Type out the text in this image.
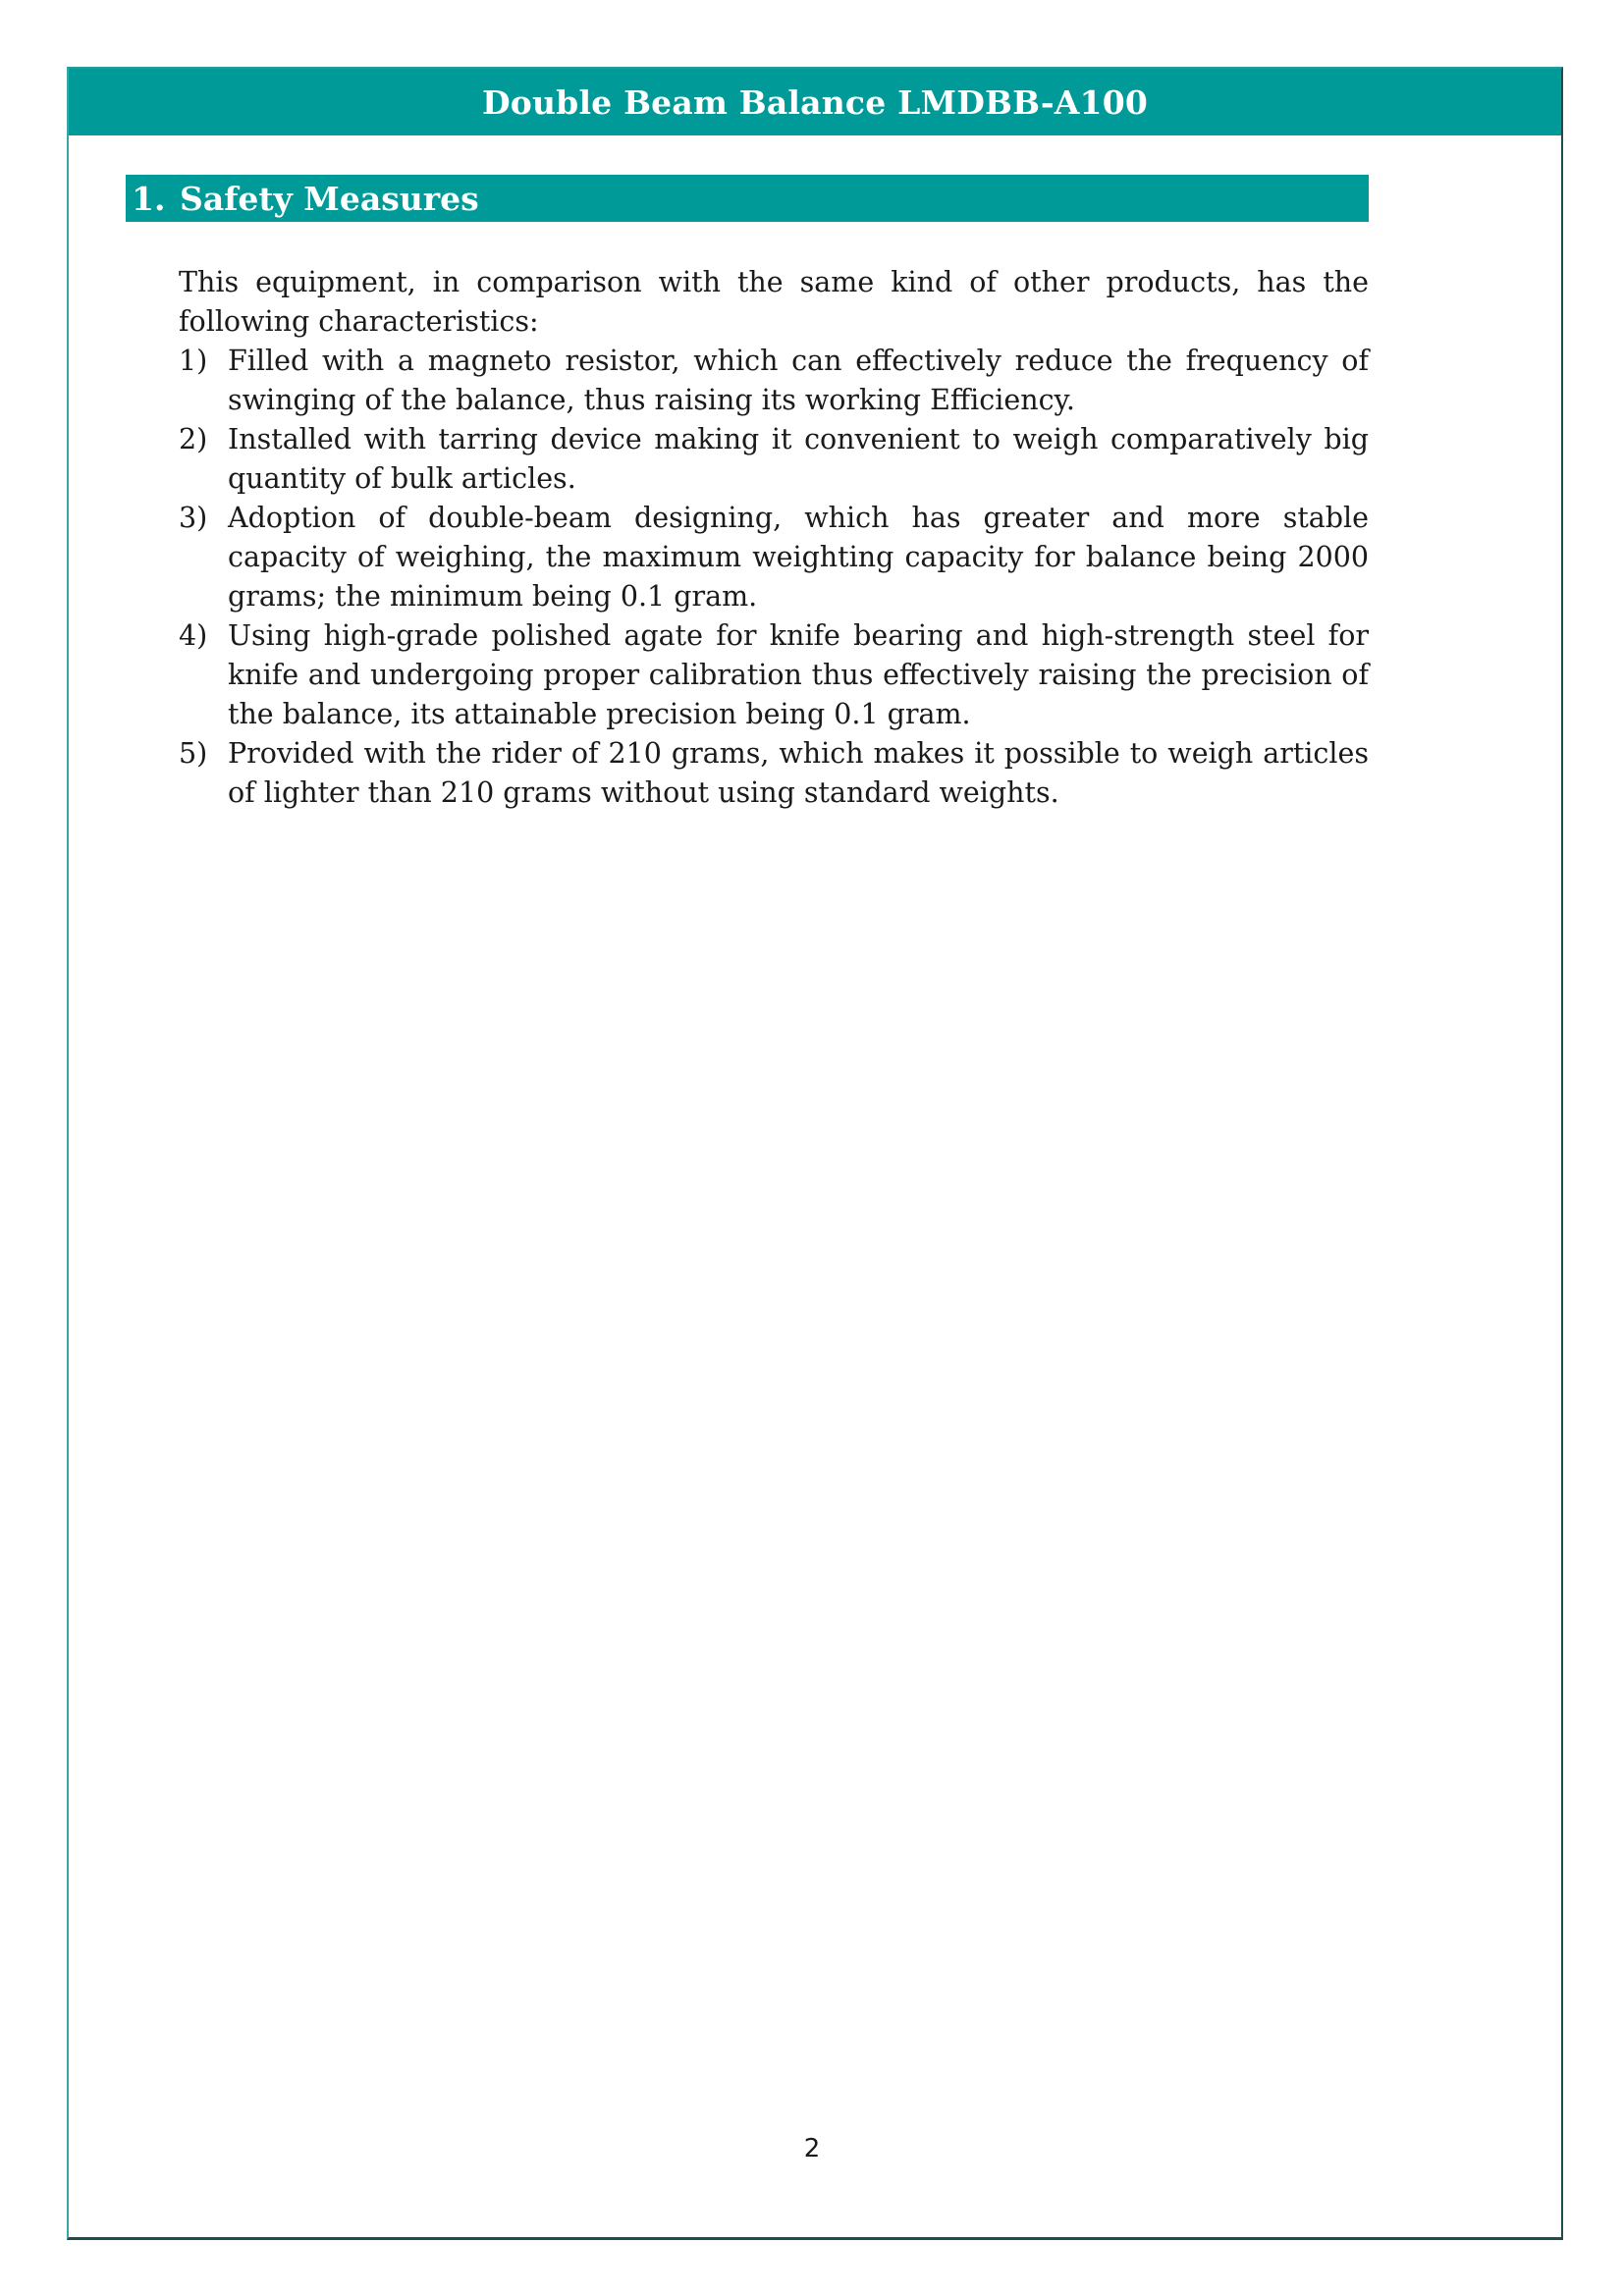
Double Beam Balance LMDBB-A100
1. Safety Measures

This equipment, in comparison with the same kind of other products, has the following characteristics:

1) Filled with a magneto resistor, which can effectively reduce the frequency of swinging of the balance, thus raising its working Efficiency.
2) Installed with tarring device making it convenient to weigh comparatively big quantity of bulk articles.
3) Adoption of double-beam designing, which has greater and more stable capacity of weighing, the maximum weighting capacity for balance being 2000 grams; the minimum being 0.1 gram.
4) Using high-grade polished agate for knife bearing and high-strength steel for knife and undergoing proper calibration thus effectively raising the precision of the balance, its attainable precision being 0.1 gram.
5) Provided with the rider of 210 grams, which makes it possible to weigh articles of lighter than 210 grams without using standard weights.
2
